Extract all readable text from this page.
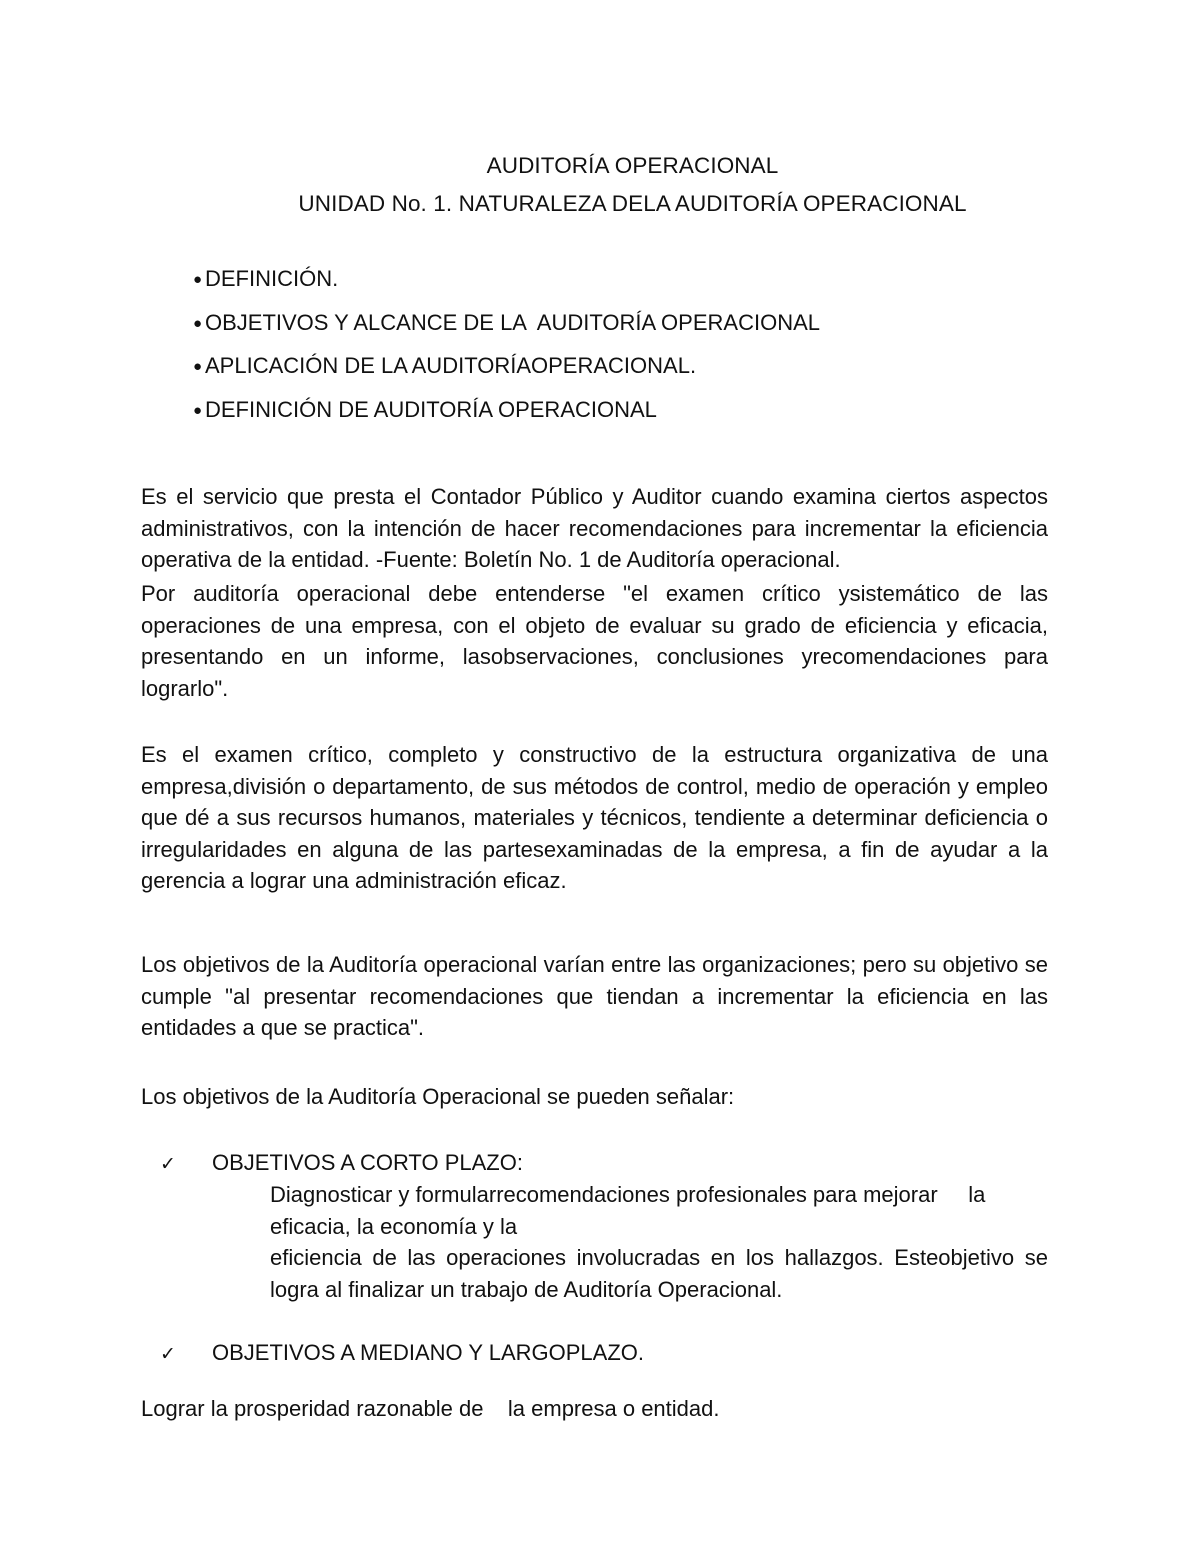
AUDITORÍA OPERACIONAL
UNIDAD No. 1. NATURALEZA DELA AUDITORÍA OPERACIONAL
● DEFINICIÓN.
● OBJETIVOS Y ALCANCE DE LA  AUDITORÍA OPERACIONAL
● APLICACIÓN DE LA AUDITORÍAOPERACIONAL.
● DEFINICIÓN DE AUDITORÍA OPERACIONAL

Es el servicio que presta el Contador Público y Auditor cuando examina ciertos aspectos administrativos, con la intención de hacer recomendaciones para incrementar la eficiencia operativa de la entidad. -Fuente: Boletín No. 1 de Auditoría operacional.

Por auditoría operacional debe entenderse "el examen crítico ysistemático de las operaciones de una empresa, con el objeto de evaluar su grado de eficiencia y eficacia, presentando en un informe, lasobservaciones, conclusiones yrecomendaciones para lograrlo".

Es el examen crítico, completo y constructivo de la estructura organizativa de una empresa,división o departamento, de sus métodos de control, medio de operación y empleo que dé a sus recursos humanos, materiales y técnicos, tendiente a determinar deficiencia o irregularidades en alguna de las partesexaminadas de la empresa, a fin de ayudar a la gerencia a lograr una administración eficaz.

Los objetivos de la Auditoría operacional varían entre las organizaciones; pero su objetivo se cumple "al presentar recomendaciones que tiendan a incrementar la eficiencia en las entidades a que se practica".

Los objetivos de la Auditoría Operacional se pueden señalar:

✓ OBJETIVOS A CORTO PLAZO:
Diagnosticar y formularrecomendaciones profesionales para mejorar     la
eficacia, la economía y la
eficiencia de las operaciones involucradas en los hallazgos. Esteobjetivo se logra al finalizar un trabajo de Auditoría Operacional.
✓ OBJETIVOS A MEDIANO Y LARGOPLAZO.
Lograr la prosperidad razonable de    la empresa o entidad.
